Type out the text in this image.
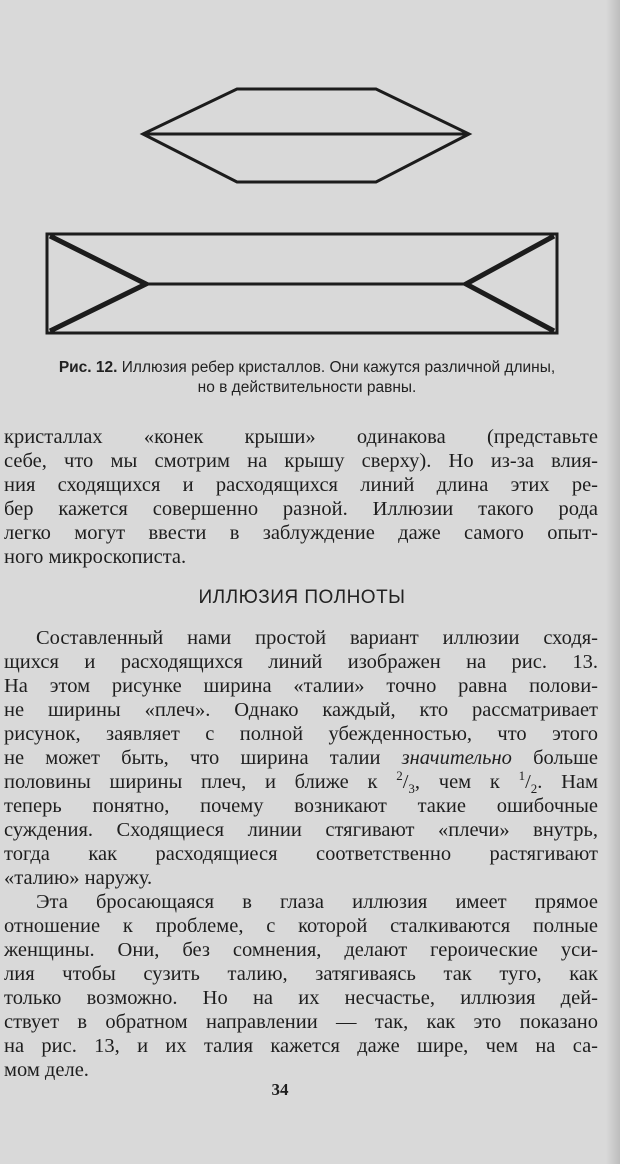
Рис. 12. Иллюзия ребер кристаллов. Они кажутся различной длины,
но в действительности равны.
кристаллах «конек крыши» одинакова (представьте
себе, что мы смотрим на крышу сверху). Но из-за влия-
ния сходящихся и расходящихся линий длина этих ре-
бер кажется совершенно разной. Иллюзии такого рода
легко могут ввести в заблуждение даже самого опыт-
ного микроскописта.
ИЛЛЮЗИЯ ПОЛНОТЫ
Составленный нами простой вариант иллюзии сходя-
щихся и расходящихся линий изображен на рис. 13.
На этом рисунке ширина «талии» точно равна полови-
не ширины «плеч». Однако каждый, кто рассматривает
рисунок, заявляет с полной убежденностью, что этого
не может быть, что ширина талии значительно больше
половины ширины плеч, и ближе к $^2/_3$, чем к $^1/_2$. Нам
теперь понятно, почему возникают такие ошибочные
суждения. Сходящиеся линии стягивают «плечи» внутрь,
тогда как расходящиеся соответственно растягивают
«талию» наружу.
Эта бросающаяся в глаза иллюзия имеет прямое
отношение к проблеме, с которой сталкиваются полные
женщины. Они, без сомнения, делают героические уси-
лия чтобы сузить талию, затягиваясь так туго, как
только возможно. Но на их несчастье, иллюзия дей-
ствует в обратном направлении — так, как это показано
на рис. 13, и их талия кажется даже шире, чем на са-
мом деле.
34
